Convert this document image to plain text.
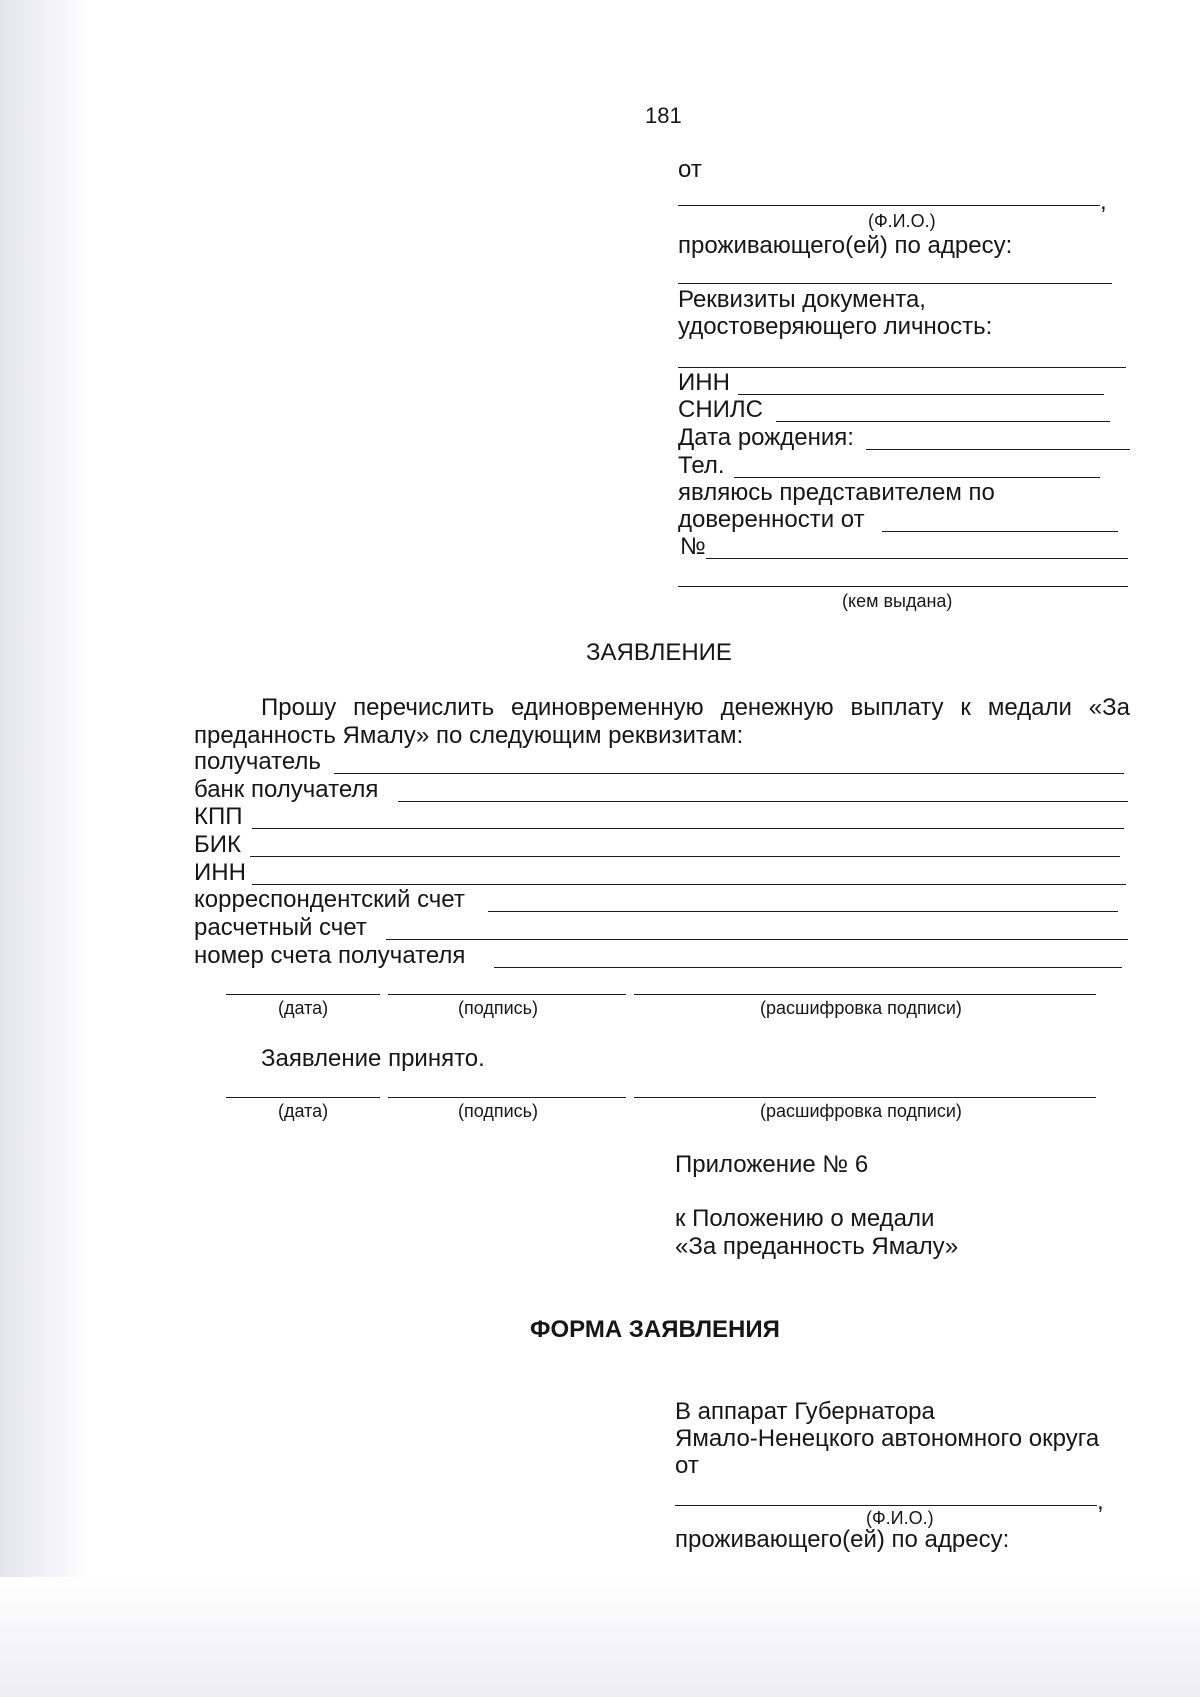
181
от
,
(Ф.И.О.)
проживающего(ей) по адресу:
Реквизиты документа,
удостоверяющего личность:
ИНН
СНИЛС
Дата рождения:
Тел.
являюсь представителем по
доверенности от
№
(кем выдана)
ЗАЯВЛЕНИЕ
Прошу перечислить единовременную денежную выплату к медали «За преданность Ямалу» по следующим реквизитам:
получатель
банк получателя
КПП
БИК
ИНН
корреспондентский счет
расчетный счет
номер счета получателя
(дата)	(подпись)	(расшифровка подписи)
Заявление принято.
(дата)	(подпись)	(расшифровка подписи)
Приложение № 6
к Положению о медали
«За преданность Ямалу»
ФОРМА ЗАЯВЛЕНИЯ
В аппарат Губернатора
Ямало-Ненецкого автономного округа
от
,
(Ф.И.О.)
проживающего(ей) по адресу:
